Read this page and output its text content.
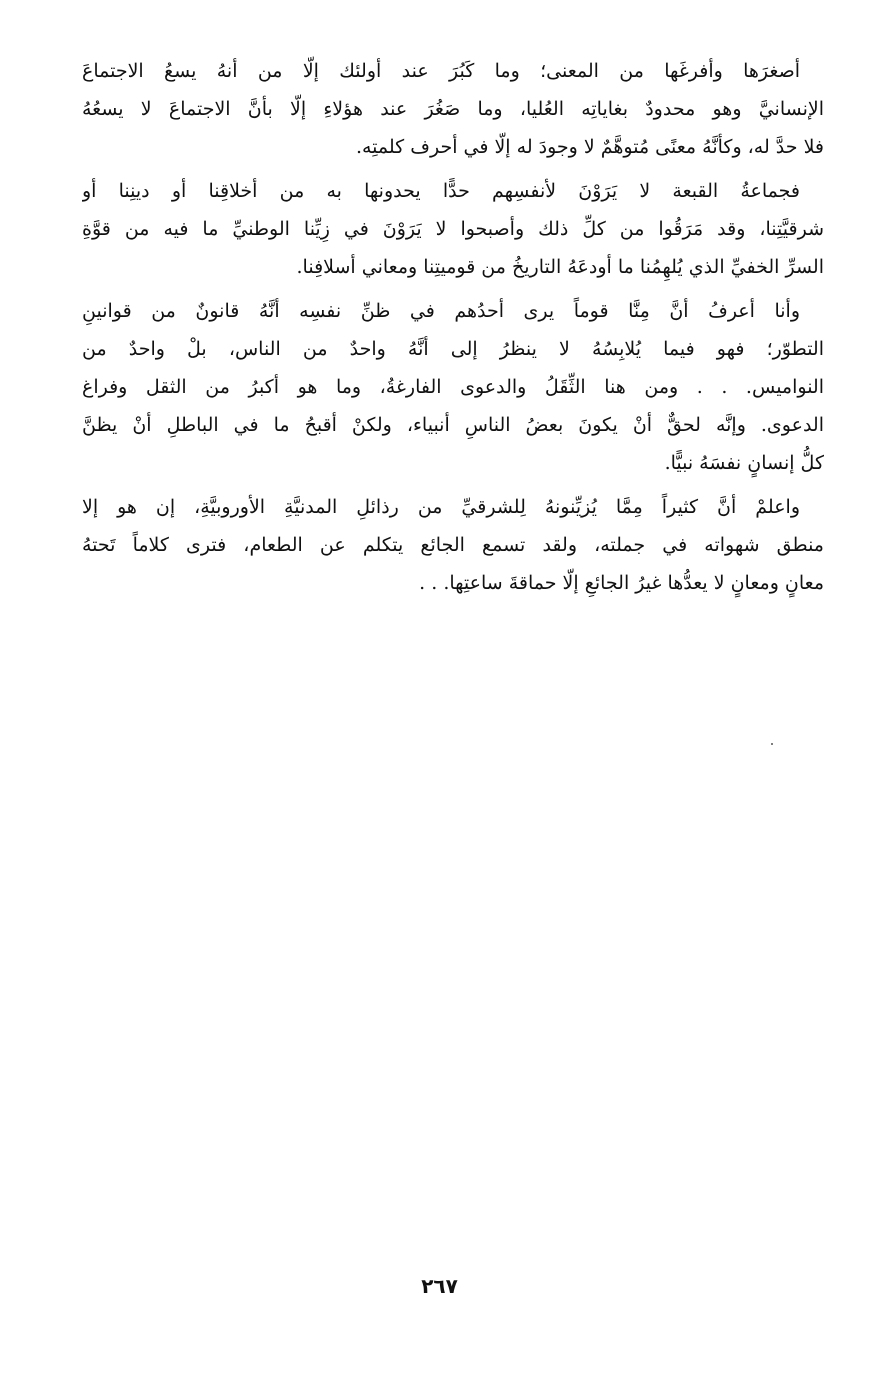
أصغرَها وأفرغَها من المعنى؛ وما كَبُرَ عند أولئك إلّا من أنهُ يسعُ الاجتماعَ
الإنسانيَّ وهو محدودٌ بغاياتِه العُليا، وما صَغُرَ عند هؤلاءِ إلّا بأنَّ الاجتماعَ لا يسعُهُ
فلا حدَّ له، وكأنَّهُ معنًى مُتوهَّمٌ لا وجودَ له إلّا في أحرف كلمتِه.
فجماعةُ القبعة لا يَرَوْنَ لأنفسِهم حدًّا يحدونها به من أخلاقِنا أو دينِنا أو
شرقيَّتِنا، وقد مَرَقُوا من كلِّ ذلك وأصبحوا لا يَرَوْنَ في زِيِّنا الوطنيِّ ما فيه من قوَّةِ
السرِّ الخفيِّ الذي يُلهِمُنا ما أودعَهُ التاريخُ من قوميتِنا ومعاني أسلافِنا.
وأنا أعرفُ أنَّ مِنَّا قوماً يرى أحدُهم في ظنِّ نفسِه أنَّهُ قانونٌ من قوانينِ
التطوّر؛ فهو فيما يُلابِسُهُ لا ينظرُ إلى أنَّهُ واحدٌ من الناس، بلْ واحدٌ من
النواميس. . . ومن هنا الثِّقَلُ والدعوى الفارغةُ، وما هو أكبرُ من الثقل وفراغ
الدعوى. وإنَّه لحقٌّ أنْ يكونَ بعضُ الناسِ أنبياء، ولكنْ أقبحُ ما في الباطلِ أنْ يظنَّ
كلُّ إنسانٍ نفسَهُ نبيًّا.
واعلمْ أنَّ كثيراً مِمَّا يُزيِّنونهُ لِلشرقيِّ من رذائلِ المدنيَّةِ الأوروبيَّةِ، إن هو إلا
منطق شهواته في جملته، ولقد تسمع الجائع يتكلم عن الطعام، فترى كلاماً تَحتهُ
معانٍ ومعانٍ لا يعدُّها غيرُ الجائعِ إلّا حماقةَ ساعتِها. . .
٢٦٧
